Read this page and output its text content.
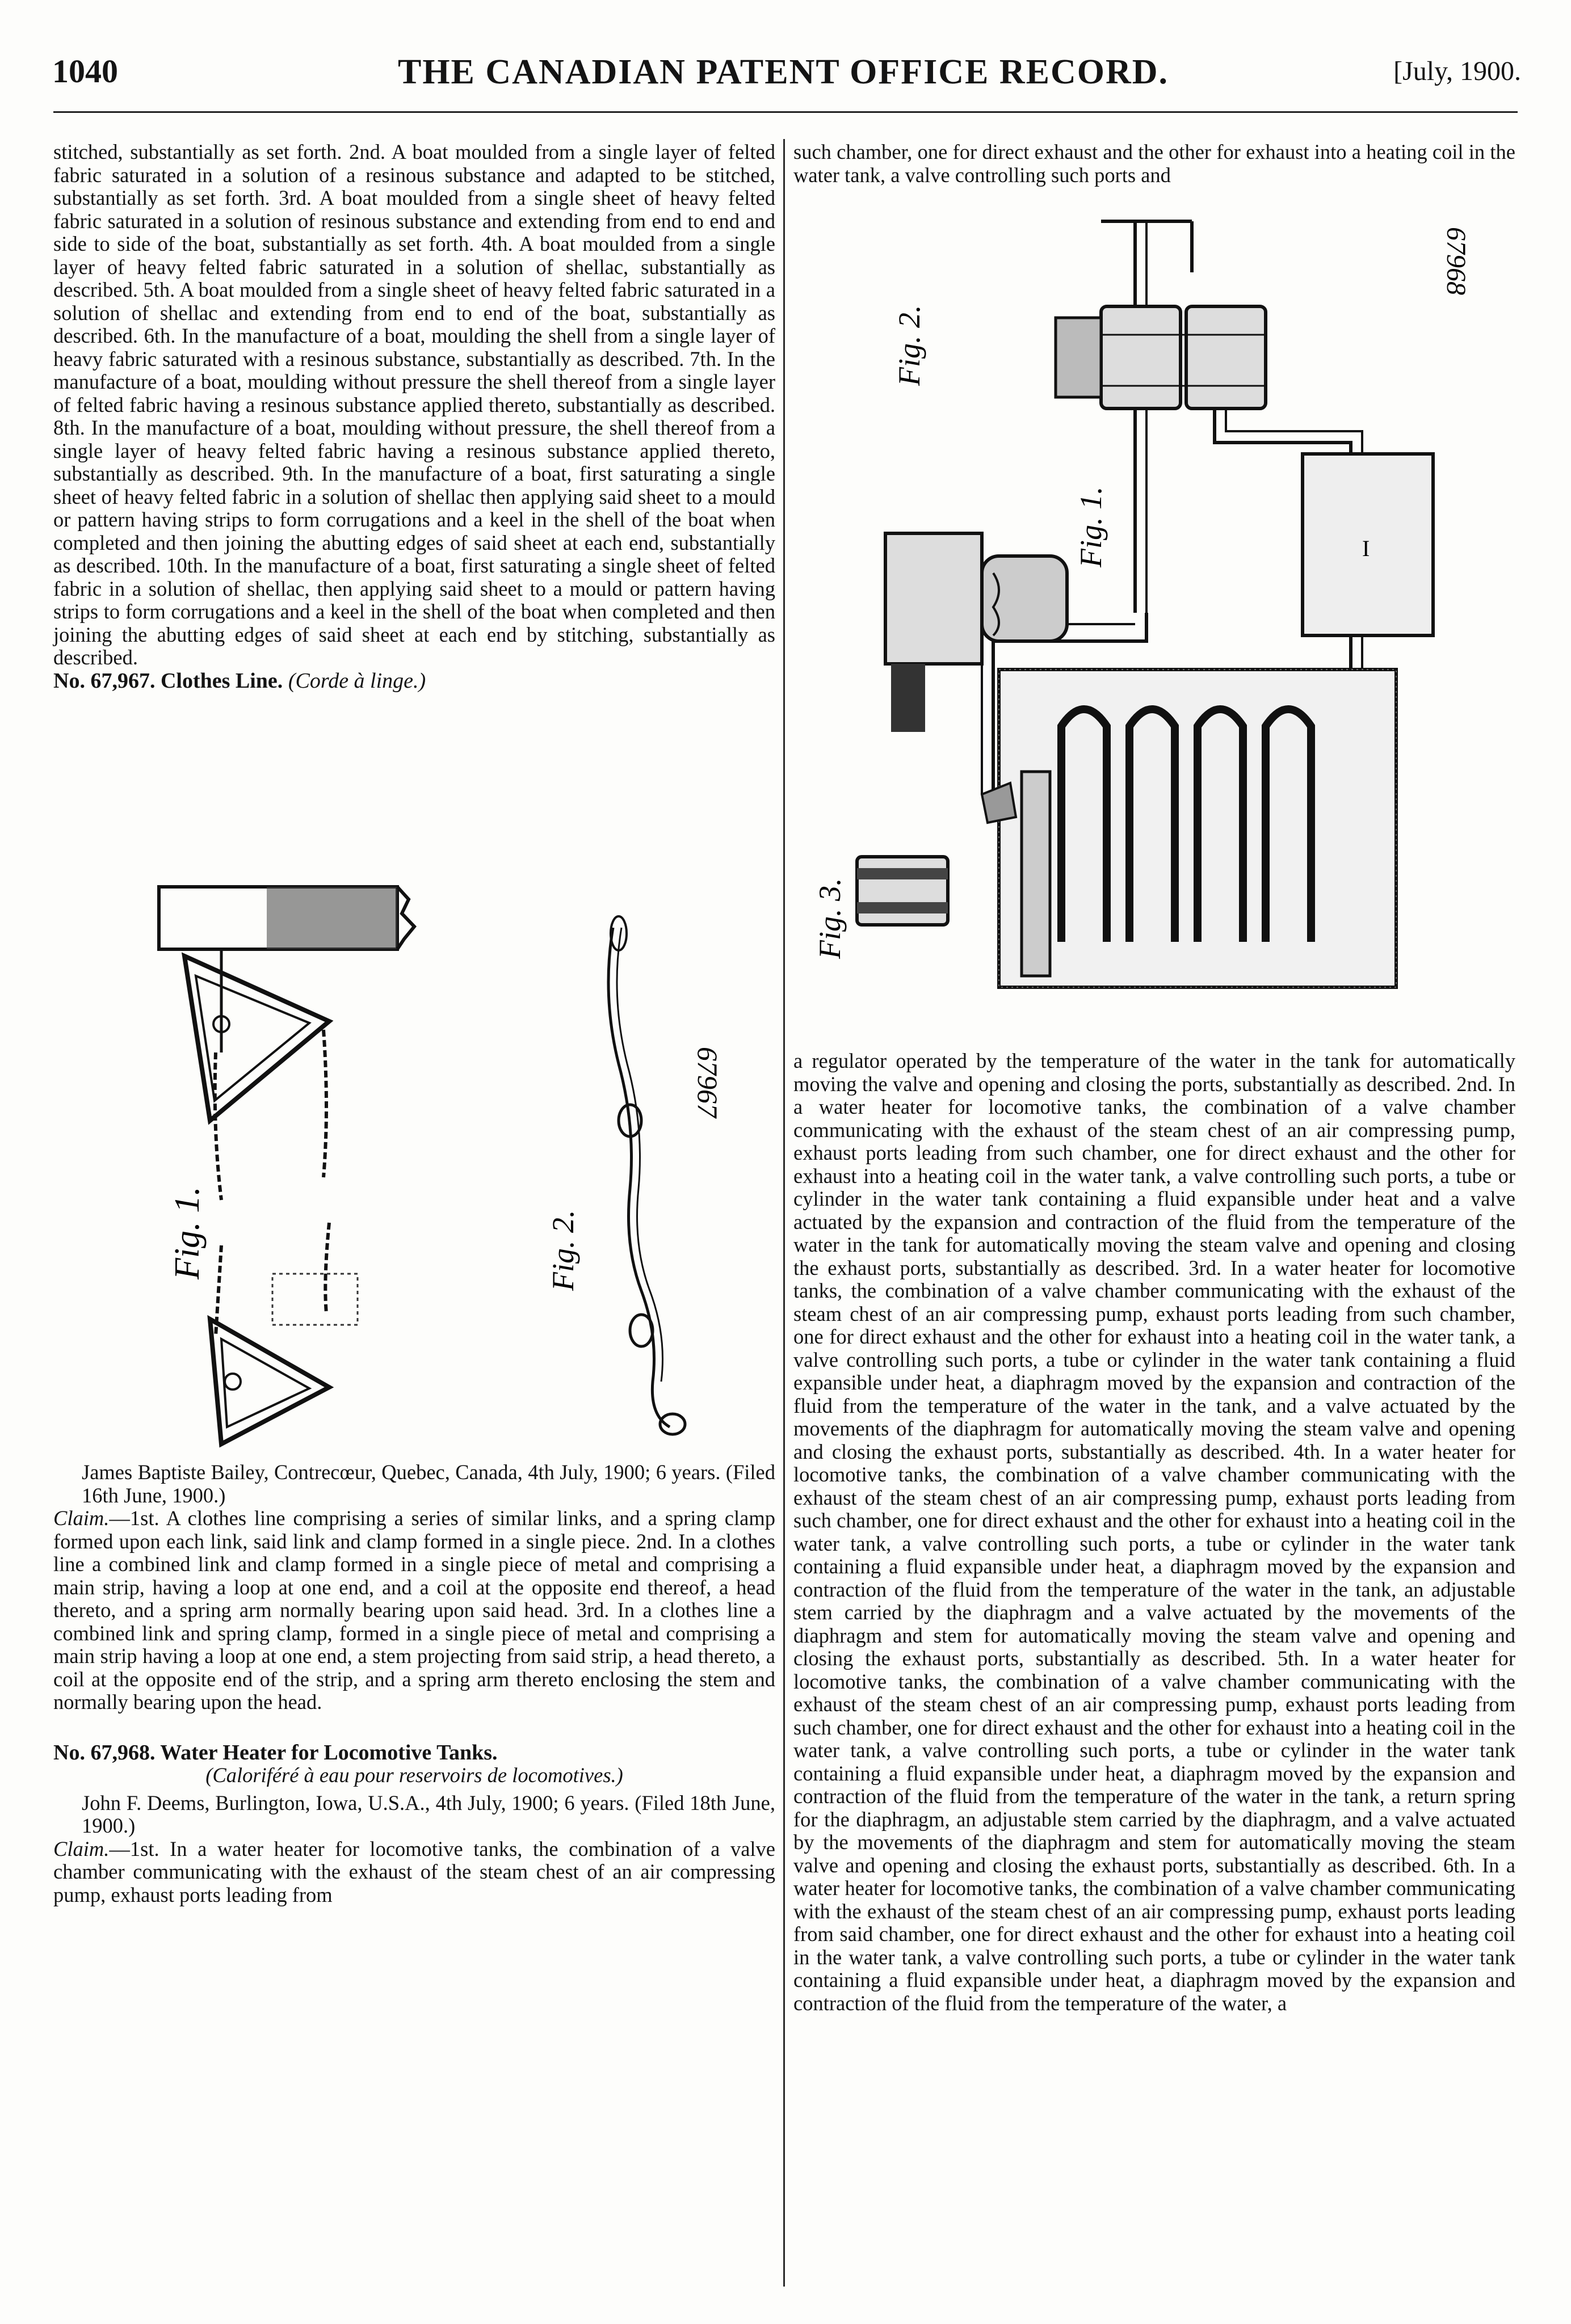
1040	THE CANADIAN PATENT OFFICE RECORD.	[July, 1900.

stitched, substantially as set forth. 2nd. A boat moulded from a single layer of felted fabric saturated in a solution of a resinous substance and adapted to be stitched, substantially as set forth. 3rd. A boat moulded from a single sheet of heavy felted fabric saturated in a solution of resinous substance and extending from end to end and side to side of the boat, substantially as set forth. 4th. A boat moulded from a single layer of heavy felted fabric saturated in a solution of shellac, substantially as described. 5th. A boat moulded from a single sheet of heavy felted fabric saturated in a solution of shellac and extending from end to end of the boat, substantially as described. 6th. In the manufacture of a boat, moulding the shell from a single layer of heavy fabric saturated with a resinous substance, substantially as described. 7th. In the manufacture of a boat, moulding without pressure the shell thereof from a single layer of felted fabric having a resinous substance applied thereto, substantially as described. 8th. In the manufacture of a boat, moulding without pressure, the shell thereof from a single layer of heavy felted fabric having a resinous substance applied thereto, substantially as described. 9th. In the manufacture of a boat, first saturating a single sheet of heavy felted fabric in a solution of shellac then applying said sheet to a mould or pattern having strips to form corrugations and a keel in the shell of the boat when completed and then joining the abutting edges of said sheet at each end, substantially as described. 10th. In the manufacture of a boat, first saturating a single sheet of felted fabric in a solution of shellac, then applying said sheet to a mould or pattern having strips to form corrugations and a keel in the shell of the boat when completed and then joining the abutting edges of said sheet at each end by stitching, substantially as described.

No. 67,967. Clothes Line. (Corde à linge.)

Fig. 1.	Fig. 2.
67967

James Baptiste Bailey, Contrecœur, Quebec, Canada, 4th July, 1900; 6 years. (Filed 16th June, 1900.)

Claim.—1st. A clothes line comprising a series of similar links, and a spring clamp formed upon each link, said link and clamp formed in a single piece. 2nd. In a clothes line a combined link and clamp formed in a single piece of metal and comprising a main strip, having a loop at one end, and a coil at the opposite end thereof, a head thereto, and a spring arm normally bearing upon said head. 3rd. In a clothes line a combined link and spring clamp, formed in a single piece of metal and comprising a main strip having a loop at one end, a stem projecting from said strip, a head thereto, a coil at the opposite end of the strip, and a spring arm thereto enclosing the stem and normally bearing upon the head.

No. 67,968. Water Heater for Locomotive Tanks.

(Caloriféré à eau pour reservoirs de locomotives.)

John F. Deems, Burlington, Iowa, U.S.A., 4th July, 1900; 6 years. (Filed 18th June, 1900.)

Claim.—1st. In a water heater for locomotive tanks, the combination of a valve chamber communicating with the exhaust of the steam chest of an air compressing pump, exhaust ports leading from

such chamber, one for direct exhaust and the other for exhaust into a heating coil in the water tank, a valve controlling such ports and

I
Fig. 2.
Fig. 1.
Fig. 3.
67968

a regulator operated by the temperature of the water in the tank for automatically moving the valve and opening and closing the ports, substantially as described. 2nd. In a water heater for locomotive tanks, the combination of a valve chamber communicating with the exhaust of the steam chest of an air compressing pump, exhaust ports leading from such chamber, one for direct exhaust and the other for exhaust into a heating coil in the water tank, a valve controlling such ports, a tube or cylinder in the water tank containing a fluid expansible under heat and a valve actuated by the expansion and contraction of the fluid from the temperature of the water in the tank for automatically moving the steam valve and opening and closing the exhaust ports, substantially as described. 3rd. In a water heater for locomotive tanks, the combination of a valve chamber communicating with the exhaust of the steam chest of an air compressing pump, exhaust ports leading from such chamber, one for direct exhaust and the other for exhaust into a heating coil in the water tank, a valve controlling such ports, a tube or cylinder in the water tank containing a fluid expansible under heat, a diaphragm moved by the expansion and contraction of the fluid from the temperature of the water in the tank, and a valve actuated by the movements of the diaphragm for automatically moving the steam valve and opening and closing the exhaust ports, substantially as described. 4th. In a water heater for locomotive tanks, the combination of a valve chamber communicating with the exhaust of the steam chest of an air compressing pump, exhaust ports leading from such chamber, one for direct exhaust and the other for exhaust into a heating coil in the water tank, a valve controlling such ports, a tube or cylinder in the water tank containing a fluid expansible under heat, a diaphragm moved by the expansion and contraction of the fluid from the temperature of the water in the tank, an adjustable stem carried by the diaphragm and a valve actuated by the movements of the diaphragm and stem for automatically moving the steam valve and opening and closing the exhaust ports, substantially as described. 5th. In a water heater for locomotive tanks, the combination of a valve chamber communicating with the exhaust of the steam chest of an air compressing pump, exhaust ports leading from such chamber, one for direct exhaust and the other for exhaust into a heating coil in the water tank, a valve controlling such ports, a tube or cylinder in the water tank containing a fluid expansible under heat, a diaphragm moved by the expansion and contraction of the fluid from the temperature of the water in the tank, a return spring for the diaphragm, an adjustable stem carried by the diaphragm, and a valve actuated by the movements of the diaphragm and stem for automatically moving the steam valve and opening and closing the exhaust ports, substantially as described. 6th. In a water heater for locomotive tanks, the combination of a valve chamber communicating with the exhaust of the steam chest of an air compressing pump, exhaust ports leading from said chamber, one for direct exhaust and the other for exhaust into a heating coil in the water tank, a valve controlling such ports, a tube or cylinder in the water tank containing a fluid expansible under heat, a diaphragm moved by the expansion and contraction of the fluid from the temperature of the water, a
